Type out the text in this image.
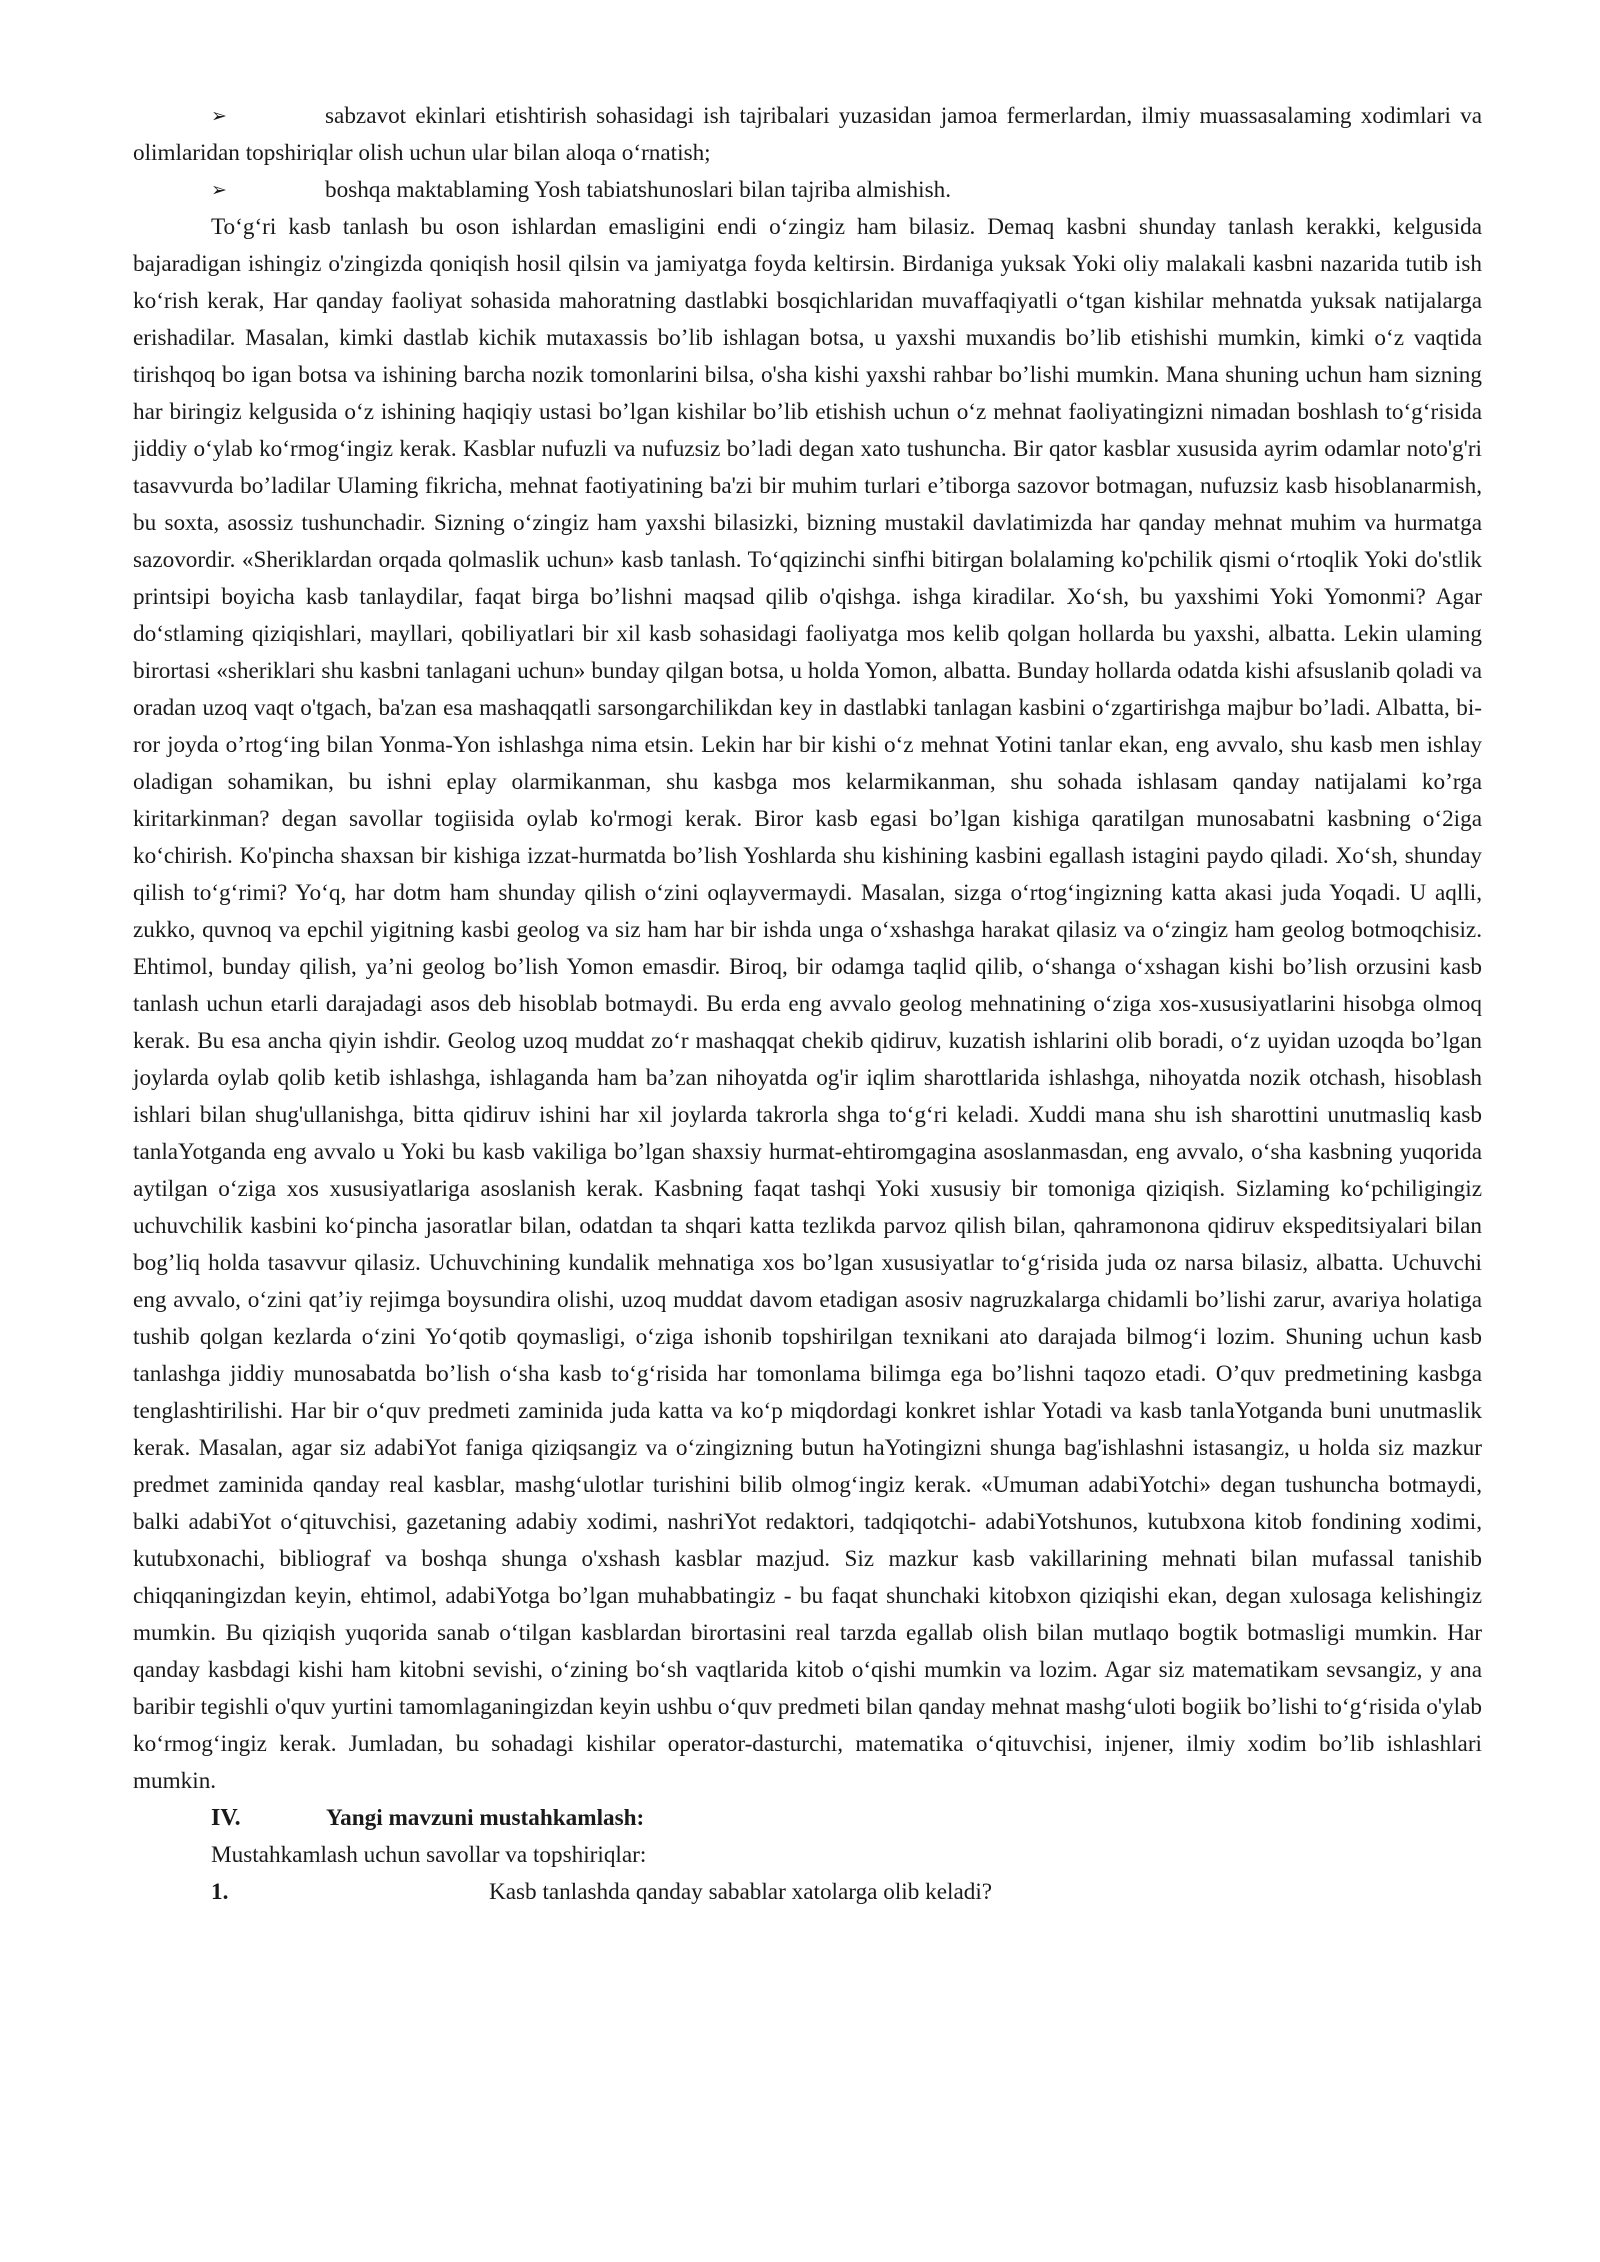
➢	sabzavot ekinlari etishtirish sohasidagi ish tajribalari yuzasidan jamoa fermerlardan, ilmiy muassasalaming xodimlari va olimlaridan topshiriqlar olish uchun ular bilan aloqa o‘rnatish;

➢	boshqa maktablaming Yosh tabiatshunoslari bilan tajriba almishish.

To‘g‘ri kasb tanlash bu oson ishlardan emasligini endi o‘zingiz ham bilasiz. Demaq kasbni shunday tanlash kerakki, kelgusida bajaradigan ishingiz o'zingizda qoniqish hosil qilsin va jamiyatga foyda keltirsin. Birdaniga yuksak Yoki oliy malakali kasbni nazarida tutib ish ko‘rish kerak, Har qanday faoliyat sohasida mahoratning dastlabki bosqichlaridan muvaffaqiyatli o‘tgan kishilar mehnatda yuksak natijalarga erishadilar. Masalan, kimki dastlab kichik mutaxassis bo’lib ishlagan botsa, u yaxshi muxandis bo’lib etishishi mumkin, kimki o‘z vaqtida tirishqoq bo igan botsa va ishining barcha nozik tomonlarini bilsa, o'sha kishi yaxshi rahbar bo’lishi mumkin. Mana shuning uchun ham sizning har biringiz kelgusida o‘z ishining haqiqiy ustasi bo’lgan kishilar bo’lib etishish uchun o‘z mehnat faoliyatingizni nimadan boshlash to‘g‘risida jiddiy o‘ylab ko‘rmog‘ingiz kerak. Kasblar nufuzli va nufuzsiz bo’ladi degan xato tushuncha. Bir qator kasblar xususida ayrim odamlar noto'g'ri tasavvurda bo’ladilar Ulaming fikricha, mehnat faotiyatining ba'zi bir muhim turlari e’tiborga sazovor botmagan, nufuzsiz kasb hisoblanarmish, bu soxta, asossiz tushunchadir. Sizning o‘zingiz ham yaxshi bilasizki, bizning mustakil davlatimizda har qanday mehnat muhim va hurmatga sazovordir. «Sheriklardan orqada qolmaslik uchun» kasb tanlash. To‘qqizinchi sinfhi bitirgan bolalaming ko'pchilik qismi o‘rtoqlik Yoki do'stlik printsipi boyicha kasb tanlaydilar, faqat birga bo’lishni maqsad qilib o'qishga. ishga kiradilar. Xo‘sh, bu yaxshimi Yoki Yomonmi? Agar do‘stlaming qiziqishlari, mayllari, qobiliyatlari bir xil kasb sohasidagi faoliyatga mos kelib qolgan hollarda bu yaxshi, albatta. Lekin ulaming birortasi «sheriklari shu kasbni tanlagani uchun» bunday qilgan botsa, u holda Yomon, albatta. Bunday hollarda odatda kishi afsuslanib qoladi va oradan uzoq vaqt o'tgach, ba'zan esa mashaqqatli sarsongarchilikdan key in dastlabki tanlagan kasbini o‘zgartirishga majbur bo’ladi. Albatta, bi-ror joyda o’rtog‘ing bilan Yonma-Yon ishlashga nima etsin. Lekin har bir kishi o‘z mehnat Yotini tanlar ekan, eng avvalo, shu kasb men ishlay oladigan sohamikan, bu ishni eplay olarmikanman, shu kasbga mos kelarmikanman, shu sohada ishlasam qanday natijalami ko’rga kiritarkinman? degan savollar togiisida oylab ko'rmogi kerak. Biror kasb egasi bo’lgan kishiga qaratilgan munosabatni kasbning o‘2iga ko‘chirish. Ko'pincha shaxsan bir kishiga izzat-hurmatda bo’lish Yoshlarda shu kishining kasbini egallash istagini paydo qiladi. Xo‘sh, shunday qilish to‘g‘rimi? Yo‘q, har dotm ham shunday qilish o‘zini oqlayvermaydi. Masalan, sizga o‘rtog‘ingizning katta akasi juda Yoqadi. U aqlli, zukko, quvnoq va epchil yigitning kasbi geolog va siz ham har bir ishda unga o‘xshashga harakat qilasiz va o‘zingiz ham geolog botmoqchisiz. Ehtimol, bunday qilish, ya’ni geolog bo’lish Yomon emasdir. Biroq, bir odamga taqlid qilib, o‘shanga o‘xshagan kishi bo’lish orzusini kasb tanlash uchun etarli darajadagi asos deb hisoblab botmaydi. Bu erda eng avvalo geolog mehnatining o‘ziga xos-xususiyatlarini hisobga olmoq kerak. Bu esa ancha qiyin ishdir. Geolog uzoq muddat zo‘r mashaqqat chekib qidiruv, kuzatish ishlarini olib boradi, o‘z uyidan uzoqda bo’lgan joylarda oylab qolib ketib ishlashga, ishlaganda ham ba’zan nihoyatda og'ir iqlim sharottlarida ishlashga, nihoyatda nozik otchash, hisoblash ishlari bilan shug'ullanishga, bitta qidiruv ishini har xil joylarda takrorla shga to‘g‘ri keladi. Xuddi mana shu ish sharottini unutmasliq kasb tanlaYotganda eng avvalo u Yoki bu kasb vakiliga bo’lgan shaxsiy hurmat-ehtiromgagina asoslanmasdan, eng avvalo, o‘sha kasbning yuqorida aytilgan o‘ziga xos xususiyatlariga asoslanish kerak. Kasbning faqat tashqi Yoki xususiy bir tomoniga qiziqish. Sizlaming ko‘pchiligingiz uchuvchilik kasbini ko‘pincha jasoratlar bilan, odatdan ta shqari katta tezlikda parvoz qilish bilan, qahramonona qidiruv ekspeditsiyalari bilan bog’liq holda tasavvur qilasiz. Uchuvchining kundalik mehnatiga xos bo’lgan xususiyatlar to‘g‘risida juda oz narsa bilasiz, albatta. Uchuvchi eng avvalo, o‘zini qat’iy rejimga boysundira olishi, uzoq muddat davom etadigan asosiv nagruzkalarga chidamli bo’lishi zarur, avariya holatiga tushib qolgan kezlarda o‘zini Yo‘qotib qoymasligi, o‘ziga ishonib topshirilgan texnikani ato darajada bilmog‘i lozim. Shuning uchun kasb tanlashga jiddiy munosabatda bo’lish o‘sha kasb to‘g‘risida har tomonlama bilimga ega bo’lishni taqozo etadi. O’quv predmetining kasbga tenglashtirilishi. Har bir o‘quv predmeti zaminida juda katta va ko‘p miqdordagi konkret ishlar Yotadi va kasb tanlaYotganda buni unutmaslik kerak. Masalan, agar siz adabiYot faniga qiziqsangiz va o‘zingizning butun haYotingizni shunga bag'ishlashni istasangiz, u holda siz mazkur predmet zaminida qanday real kasblar, mashg‘ulotlar turishini bilib olmog‘ingiz kerak. «Umuman adabiYotchi» degan tushuncha botmaydi, balki adabiYot o‘qituvchisi, gazetaning adabiy xodimi, nashriYot redaktori, tadqiqotchi- adabiYotshunos, kutubxona kitob fondining xodimi, kutubxonachi, bibliograf va boshqa shunga o'xshash kasblar mazjud. Siz mazkur kasb vakillarining mehnati bilan mufassal tanishib chiqqaningizdan keyin, ehtimol, adabiYotga bo’lgan muhabbatingiz - bu faqat shunchaki kitobxon qiziqishi ekan, degan xulosaga kelishingiz mumkin. Bu qiziqish yuqorida sanab o‘tilgan kasblardan birortasini real tarzda egallab olish bilan mutlaqo bogtik botmasligi mumkin. Har qanday kasbdagi kishi ham kitobni sevishi, o‘zining bo‘sh vaqtlarida kitob o‘qishi mumkin va lozim. Agar siz matematikam sevsangiz, y ana baribir tegishli o'quv yurtini tamomlaganingizdan keyin ushbu o‘quv predmeti bilan qanday mehnat mashg‘uloti bogiik bo’lishi to‘g‘risida o'ylab ko‘rmog‘ingiz kerak. Jumladan, bu sohadagi kishilar operator-dasturchi, matematika o‘qituvchisi, injener, ilmiy xodim bo’lib ishlashlari mumkin.

IV.	Yangi mavzuni mustahkamlash:

Mustahkamlash uchun savollar va topshiriqlar:

1.	Kasb tanlashda qanday sabablar xatolarga olib keladi?
